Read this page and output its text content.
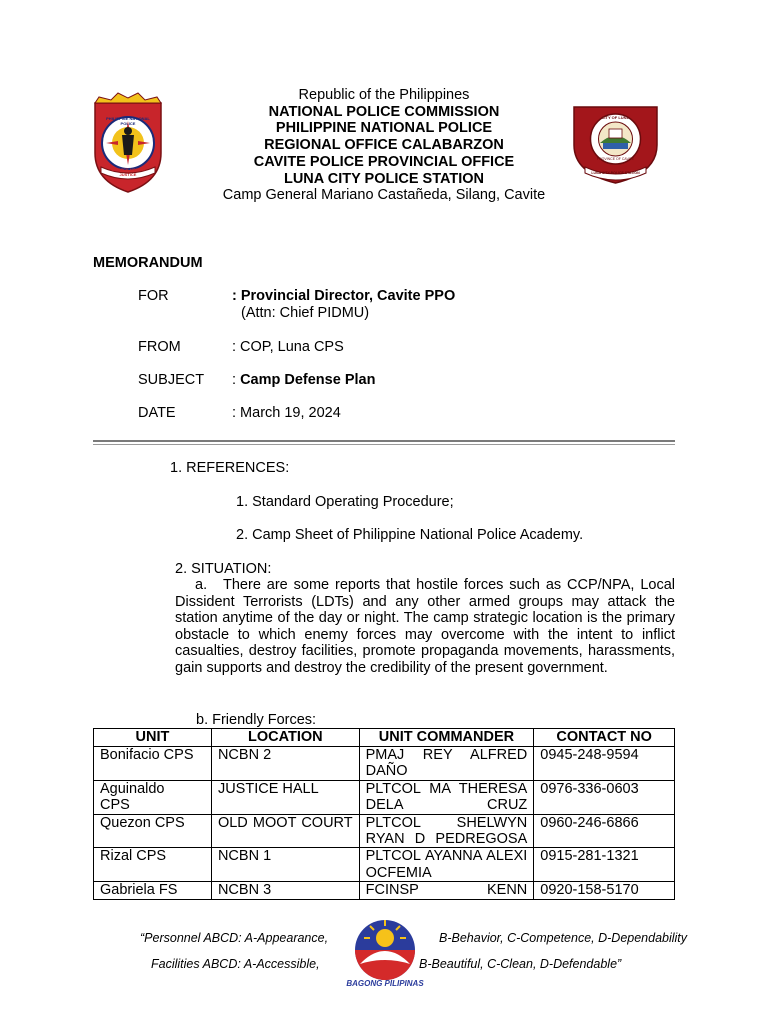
PHILIPPINE NATIONAL POLICE
SERVICE HONOR JUSTICE
CITY OF LUNA
PROVINCE OF CAVITE
LUNA CITY POLICE STATION
Republic of the Philippines
NATIONAL POLICE COMMISSION
PHILIPPINE NATIONAL POLICE
REGIONAL OFFICE CALABARZON
CAVITE POLICE PROVINCIAL OFFICE
LUNA CITY POLICE STATION
Camp General Mariano Castañeda, Silang, Cavite
MEMORANDUM
FOR	: Provincial Director, Cavite PPO
(Attn: Chief PIDMU)
FROM	: COP, Luna CPS
SUBJECT : Camp Defense Plan
DATE	: March 19, 2024
1. REFERENCES:
1. Standard Operating Procedure;
2. Camp Sheet of Philippine National Police Academy.
2. SITUATION:
a. There are some reports that hostile forces such as CCP/NPA, Local Dissident Terrorists (LDTs) and any other armed groups may attack the station anytime of the day or night. The camp strategic location is the primary obstacle to which enemy forces may overcome with the intent to inflict casualties, destroy facilities, promote propaganda movements, harassments, gain supports and destroy the credibility of the present government.
b. Friendly Forces:
UNIT	LOCATION	UNIT COMMANDER	CONTACT NO
Bonifacio CPS	NCBN 2	PMAJ REY ALFRED DAÑO	0945-248-9594
Aguinaldo CPS	JUSTICE HALL	PLTCOL MA THERESA DELA CRUZ	0976-336-0603
Quezon CPS	OLD MOOT COURT	PLTCOL SHELWYN RYAN D PEDREGOSA	0960-246-6866
Rizal CPS	NCBN 1	PLTCOL AYANNA ALEXI OCFEMIA	0915-281-1321
Gabriela FS	NCBN 3	FCINSP KENN	0920-158-5170
“Personnel ABCD: A-Appearance,	B-Behavior, C-Competence, D-Dependability
Facilities ABCD: A-Accessible,	B-Beautiful, C-Clean, D-Defendable”
BAGONG PILIPINAS
